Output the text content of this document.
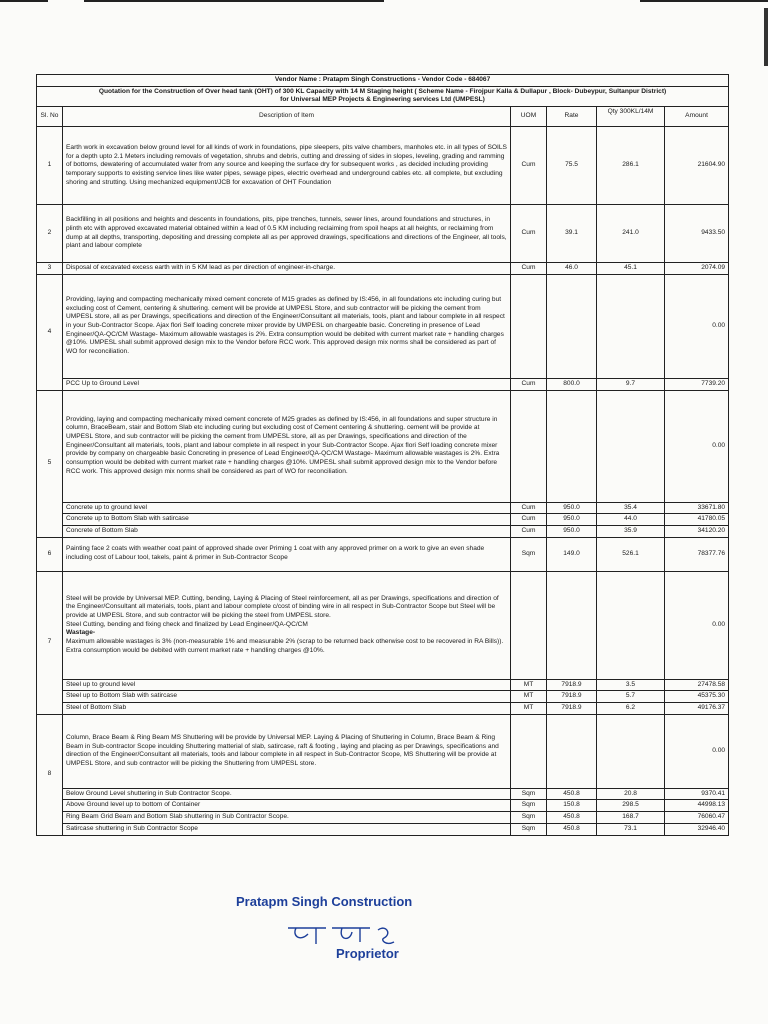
Vendor Name : Pratapm Singh Constructions - Vendor Code - 684067					

Quotation for the Construction of Over head tank (OHT) of 300 KL Capacity with 14 M Staging height ( Scheme Name - Firojpur Kalla & Dullapur , Block- Dubeypur, Sultanpur District)
for Universal MEP Projects & Engineering services Ltd (UMPESL)					

Sl. No	Description of Item	UOM	Rate	Qty 300KL/14M	Amount
1	Earth work in excavation below ground level for all kinds of work in foundations, pipe sleepers, pits valve chambers, manholes etc. in all types of SOILS for a depth upto 2.1 Meters including removals of vegetation, shrubs and debris, cutting and dressing of sides in slopes, leveling, grading and ramming of bottoms, dewatering of accumulated water from any source and keeping the surface dry for subsequent works , as decided including providing temporary supports to existing service lines like water pipes, sewage pipes, electric overhead and underground cables etc. all complete, but excluding shoring and strutting. Using mechanized equipment/JCB for excavation of OHT Foundation	Cum	75.5	286.1	21604.90
2	Backfilling in all positions and heights and descents in foundations, pits, pipe trenches, tunnels, sewer lines, around foundations and structures, in plinth etc with approved excavated material obtained within a lead of 0.5 KM including reclaiming from spoil heaps at all heights, or reclaiming from dump at all depths, transporting, depositing and dressing complete all as per approved drawings, specifications and directions of the Engineer, all tools, plant and labour complete	Cum	39.1	241.0	9433.50
3	Disposal of excavated excess earth with in 5 KM lead as per direction of engineer-in-charge.	Cum	46.0	45.1	2074.09
4	Providing, laying and compacting mechanically mixed cement concrete of M15 grades as defined by IS:456, in all foundations etc including curing but excluding cost of Cement, centering & shuttering. cement will be provide at UMPESL Store, and sub contractor will be picking the cement from UMPESL store, all as per Drawings, specifications and direction of the Engineer/Consultant all materials, tools, plant and labour complete in all respect in your Sub-Contractor Scope. Ajax flori Self loading concrete mixer provide by UMPESL on chargeable basic. Concreting in presence of Lead Engineer/QA-QC/CM Wastage- Maximum allowable wastages is 2%. Extra consumption would be debited with current market rate + handling charges @10%. UMPESL shall submit approved design mix to the Vendor before RCC work. This approved design mix norms shall be considered as part of WO for reconciliation.				0.00
	PCC Up to Ground Level	Cum	800.0	9.7	7739.20
5	Providing, laying and compacting mechanically mixed cement concrete of M25 grades as defined by IS:456, in all foundations and super structure in column, BraceBeam, stair and Bottom Slab etc including curing but excluding cost of Cement centering & shuttering. cement will be provide at UMPESL Store, and sub contractor will be picking the cement from UMPESL store, all as per Drawings, specifications and direction of the Engineer/Consultant all materials, tools, plant and labour complete in all respect in your Sub-Contractor Scope. Ajax flori Self loading concrete mixer provide by company on chargeable basic Concreting in presence of Lead Engineer/QA-QC/CM Wastage- Maximum allowable wastages is 2%. Extra consumption would be debited with current market rate + handling charges @10%. UMPESL shall submit approved design mix to the Vendor before RCC work. This approved design mix norms shall be considered as part of WO for reconciliation.				0.00
	Concrete up to ground level	Cum	950.0	35.4	33671.80
	Concrete up to Bottom Slab with satircase	Cum	950.0	44.0	41780.05
	Concrete of Bottom Slab	Cum	950.0	35.9	34120.20
6	Painting face 2 coats with weather coat paint of approved shade over Priming 1 coat with any approved primer on a work to give an even shade including cost of Labour tool, takels, paint & primer in Sub-Contractor Scope	Sqm	149.0	526.1	78377.76
7	Steel will be provide by Universal MEP. Cutting, bending, Laying & Placing of Steel reinforcement, all as per Drawings, specifications and direction of the Engineer/Consultant all materials, tools, plant and labour complete c/cost of binding wire in all respect in Sub-Contractor Scope but Steel will be provide at UMPESL Store, and sub contractor will be picking the steel from UMPESL store.
Steel Cutting, bending and fixing check and finalized by Lead Engineer/QA-QC/CM
Wastage-
Maximum allowable wastages is 3% (non-measurable 1% and measurable 2% (scrap to be returned back otherwise cost to be recovered in RA Bills)). Extra consumption would be debited with current market rate + handling charges @10%.				0.00
	Steel up to ground level	MT	7918.9	3.5	27478.58
	Steel up to Bottom Slab with satircase	MT	7918.9	5.7	45375.30
	Steel of Bottom Slab	MT	7918.9	6.2	49176.37
8	Column, Brace Beam & Ring Beam MS Shuttering will be provide by Universal MEP. Laying & Placing of Shuttering in Column, Brace Beam & Ring Beam in Sub-contractor Scope inculding Shuttering matterial of slab, satircase, raft & footing , laying and placing as per Drawings, specifications and direction of the Engineer/Consultant all materials, tools and labour complete in all respect in Sub-Contractor Scope, MS Shuttering will be provide at UMPESL Store, and sub contractor will be picking the Shuttering from UMPESL store.				0.00
	Below Ground Level shuttering in Sub Contractor Scope.	Sqm	450.8	20.8	9370.41
	Above Ground level up to bottom of Container	Sqm	150.8	298.5	44998.13
	Ring Beam Grid Beam and Bottom Slab shuttering in Sub Contractor Scope.	Sqm	450.8	168.7	76060.47
	Satircase shuttering in Sub Contractor Scope	Sqm	450.8	73.1	32946.40
Pratapm Singh Construction
Proprietor
